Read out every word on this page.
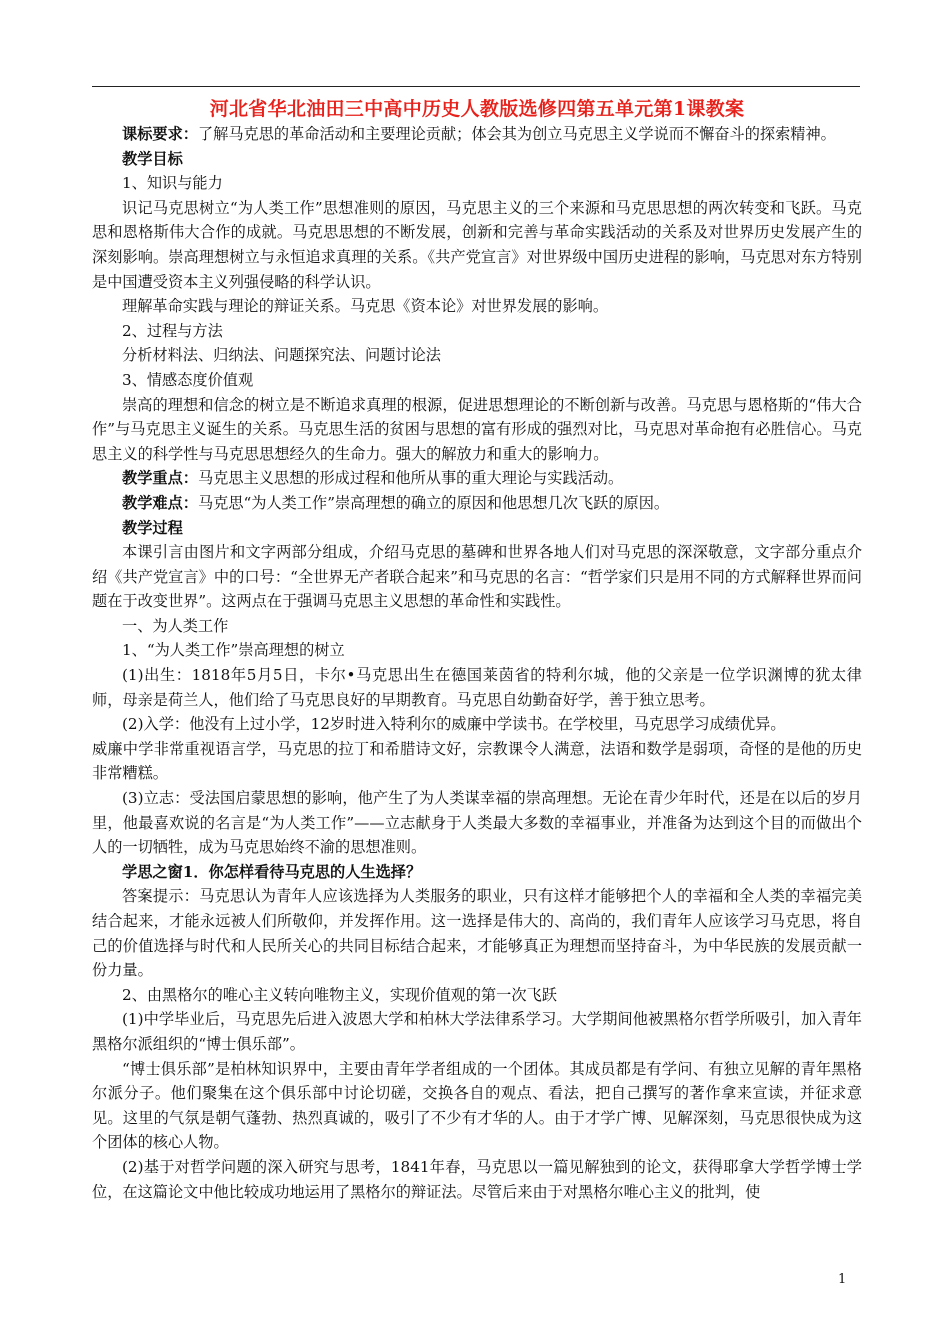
河北省华北油田三中高中历史人教版选修四第五单元第1课教案

课标要求：了解马克思的革命活动和主要理论贡献；体会其为创立马克思主义学说而不懈奋斗的探索精神。

教学目标

1、知识与能力

识记马克思树立“为人类工作”思想准则的原因，马克思主义的三个来源和马克思思想的两次转变和飞跃。马克思和恩格斯伟大合作的成就。马克思思想的不断发展，创新和完善与革命实践活动的关系及对世界历史发展产生的深刻影响。崇高理想树立与永恒追求真理的关系。《共产党宣言》对世界级中国历史进程的影响，马克思对东方特别是中国遭受资本主义列强侵略的科学认识。

理解革命实践与理论的辩证关系。马克思《资本论》对世界发展的影响。

2、过程与方法

分析材料法、归纳法、问题探究法、问题讨论法

3、情感态度价值观

崇高的理想和信念的树立是不断追求真理的根源，促进思想理论的不断创新与改善。马克思与恩格斯的“伟大合作”与马克思主义诞生的关系。马克思生活的贫困与思想的富有形成的强烈对比，马克思对革命抱有必胜信心。马克思主义的科学性与马克思思想经久的生命力。强大的解放力和重大的影响力。

教学重点：马克思主义思想的形成过程和他所从事的重大理论与实践活动。

教学难点：马克思“为人类工作”崇高理想的确立的原因和他思想几次飞跃的原因。

教学过程

本课引言由图片和文字两部分组成，介绍马克思的墓碑和世界各地人们对马克思的深深敬意，文字部分重点介绍《共产党宣言》中的口号：“全世界无产者联合起来”和马克思的名言：“哲学家们只是用不同的方式解释世界而问题在于改变世界”。这两点在于强调马克思主义思想的革命性和实践性。

一、为人类工作

1、“为人类工作”崇高理想的树立

(1)出生：1818年5月5日，卡尔•马克思出生在德国莱茵省的特利尔城，他的父亲是一位学识渊博的犹太律师，母亲是荷兰人，他们给了马克思良好的早期教育。马克思自幼勤奋好学，善于独立思考。

(2)入学：他没有上过小学，12岁时进入特利尔的威廉中学读书。在学校里，马克思学习成绩优异。

威廉中学非常重视语言学，马克思的拉丁和希腊诗文好，宗教课令人满意，法语和数学是弱项，奇怪的是他的历史非常糟糕。

(3)立志：受法国启蒙思想的影响，他产生了为人类谋幸福的崇高理想。无论在青少年时代，还是在以后的岁月里，他最喜欢说的名言是“为人类工作”——立志献身于人类最大多数的幸福事业，并准备为达到这个目的而做出个人的一切牺牲，成为马克思始终不渝的思想准则。

学思之窗1．你怎样看待马克思的人生选择？

答案提示：马克思认为青年人应该选择为人类服务的职业，只有这样才能够把个人的幸福和全人类的幸福完美结合起来，才能永远被人们所敬仰，并发挥作用。这一选择是伟大的、高尚的，我们青年人应该学习马克思，将自己的价值选择与时代和人民所关心的共同目标结合起来，才能够真正为理想而坚持奋斗，为中华民族的发展贡献一份力量。

2、由黑格尔的唯心主义转向唯物主义，实现价值观的第一次飞跃

(1)中学毕业后，马克思先后进入波恩大学和柏林大学法律系学习。大学期间他被黑格尔哲学所吸引，加入青年黑格尔派组织的“博士俱乐部”。

“博士俱乐部”是柏林知识界中，主要由青年学者组成的一个团体。其成员都是有学问、有独立见解的青年黑格尔派分子。他们聚集在这个俱乐部中讨论切磋，交换各自的观点、看法，把自己撰写的著作拿来宣读，并征求意见。这里的气氛是朝气蓬勃、热烈真诚的，吸引了不少有才华的人。由于才学广博、见解深刻，马克思很快成为这个团体的核心人物。

(2)基于对哲学问题的深入研究与思考，1841年春，马克思以一篇见解独到的论文，获得耶拿大学哲学博士学位，在这篇论文中他比较成功地运用了黑格尔的辩证法。尽管后来由于对黑格尔唯心主义的批判，使

1
